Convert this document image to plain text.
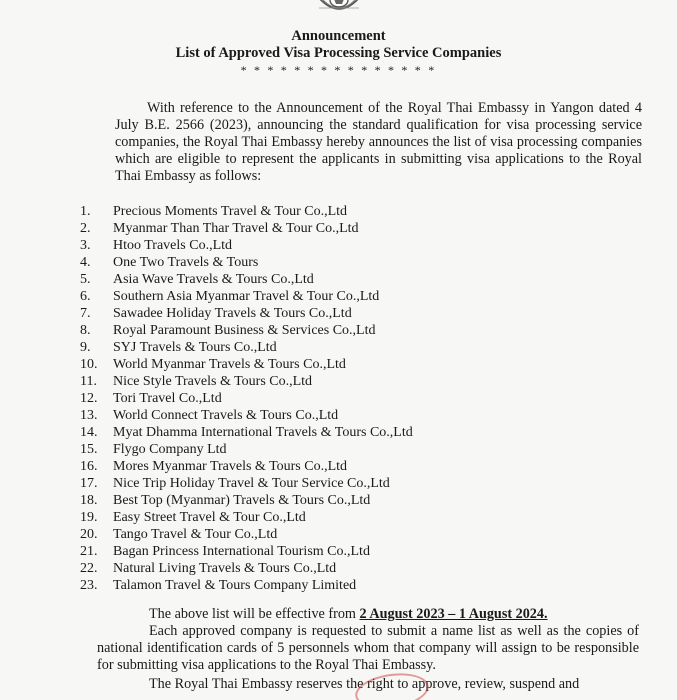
Announcement
List of Approved Visa Processing Service Companies
* * * * * * * * * * * * * * *

With reference to the Announcement of the Royal Thai Embassy in Yangon dated 4 July B.E. 2566 (2023), announcing the standard qualification for visa processing service companies, the Royal Thai Embassy hereby announces the list of visa processing companies which are eligible to represent the applicants in submitting visa applications to the Royal Thai Embassy as follows:

1. Precious Moments Travel & Tour Co.,Ltd
2. Myanmar Than Thar Travel & Tour Co.,Ltd
3. Htoo Travels Co.,Ltd
4. One Two Travels & Tours
5. Asia Wave Travels & Tours Co.,Ltd
6. Southern Asia Myanmar Travel & Tour Co.,Ltd
7. Sawadee Holiday Travels & Tours Co.,Ltd
8. Royal Paramount Business & Services Co.,Ltd
9. SYJ Travels & Tours Co.,Ltd
10. World Myanmar Travels & Tours Co.,Ltd
11. Nice Style Travels & Tours Co.,Ltd
12. Tori Travel Co.,Ltd
13. World Connect Travels & Tours Co.,Ltd
14. Myat Dhamma International Travels & Tours Co.,Ltd
15. Flygo Company Ltd
16. Mores Myanmar Travels & Tours Co.,Ltd
17. Nice Trip Holiday Travel & Tour Service Co.,Ltd
18. Best Top (Myanmar) Travels & Tours Co.,Ltd
19. Easy Street Travel & Tour Co.,Ltd
20. Tango Travel & Tour Co.,Ltd
21. Bagan Princess International Tourism Co.,Ltd
22. Natural Living Travels & Tours Co.,Ltd
23. Talamon Travel & Tours Company Limited

The above list will be effective from 2 August 2023 – 1 August 2024.

Each approved company is requested to submit a name list as well as the copies of national identification cards of 5 personnels whom that company will assign to be responsible for submitting visa applications to the Royal Thai Embassy.

The Royal Thai Embassy reserves the right to approve, review, suspend and
